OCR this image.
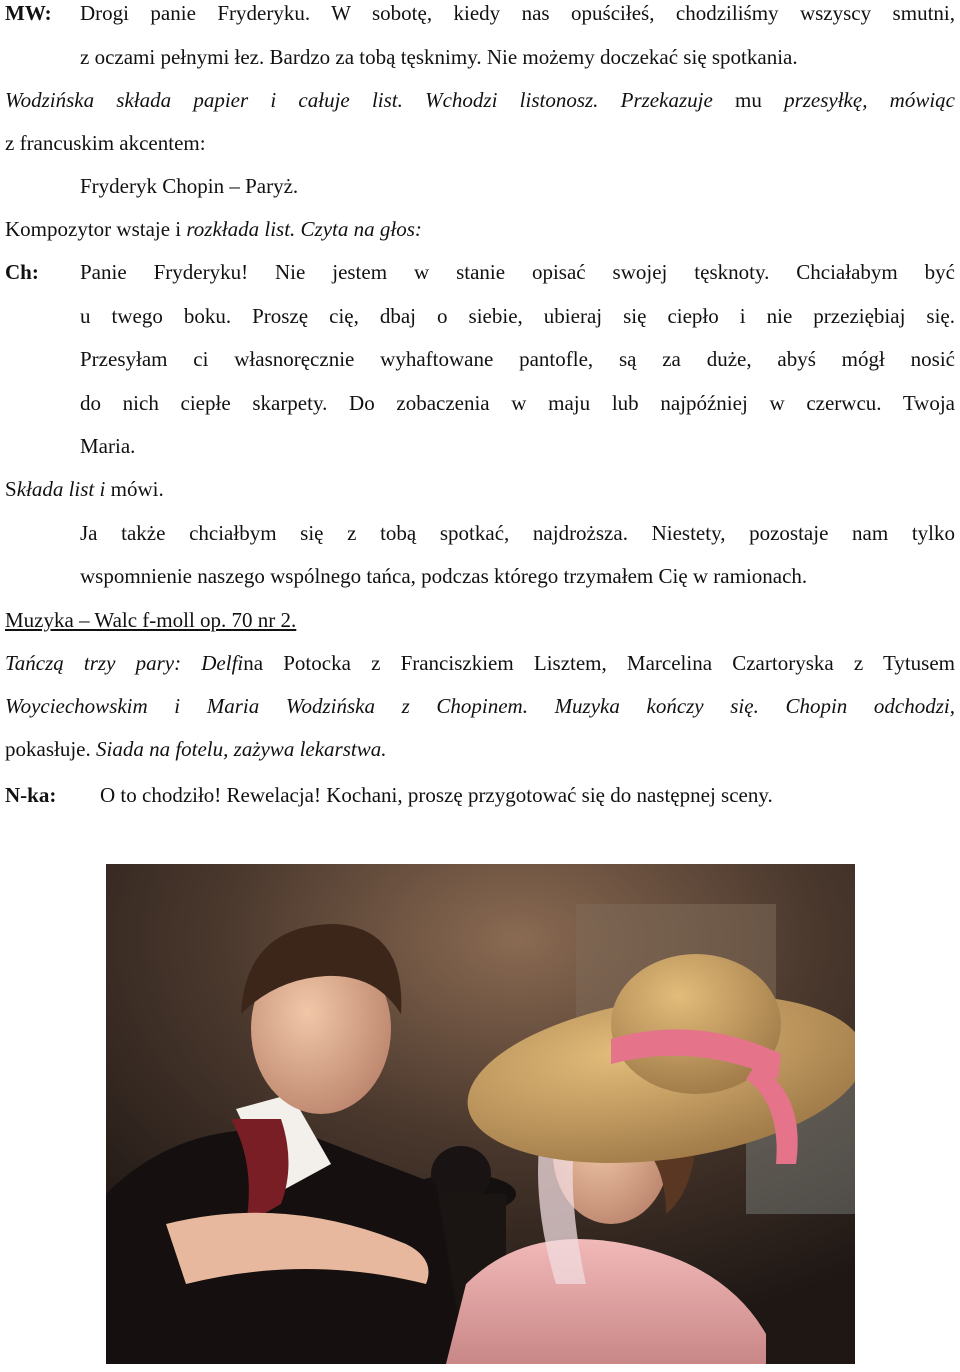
MW: Drogi panie Fryderyku. W sobotę, kiedy nas opuściłeś, chodziliśmy wszyscy smutni,
z oczami pełnymi łez. Bardzo za tobą tęsknimy. Nie możemy doczekać się spotkania.
Wodzińska składa papier i całuje list. Wchodzi listonosz. Przekazuje mu przesyłkę, mówiąc
z francuskim akcentem:
Fryderyk Chopin – Paryż.
Kompozytor wstaje i rozkłada list. Czyta na głos:
Ch: Panie Fryderyku! Nie jestem w stanie opisać swojej tęsknoty. Chciałabym być
u twego boku. Proszę cię, dbaj o siebie, ubieraj się ciepło i nie przeziębiaj się.
Przesyłam ci własnoręcznie wyhaftowane pantofle, są za duże, abyś mógł nosić
do nich ciepłe skarpety. Do zobaczenia w maju lub najpóźniej w czerwcu. Twoja
Maria.
Składa list i mówi.
Ja także chciałbym się z tobą spotkać, najdroższa. Niestety, pozostaje nam tylko
wspomnienie naszego wspólnego tańca, podczas którego trzymałem Cię w ramionach.
Muzyka – Walc f-moll op. 70 nr 2.
Tańczą trzy pary: Delfina Potocka z Franciszkiem Lisztem, Marcelina Czartoryska z Tytusem
Woyciechowskim i Maria Wodzińska z Chopinem. Muzyka kończy się. Chopin odchodzi,
pokasłuje. Siada na fotelu, zażywa lekarstwa.
N-ka: O to chodziło! Rewelacja! Kochani, proszę przygotować się do następnej sceny.
